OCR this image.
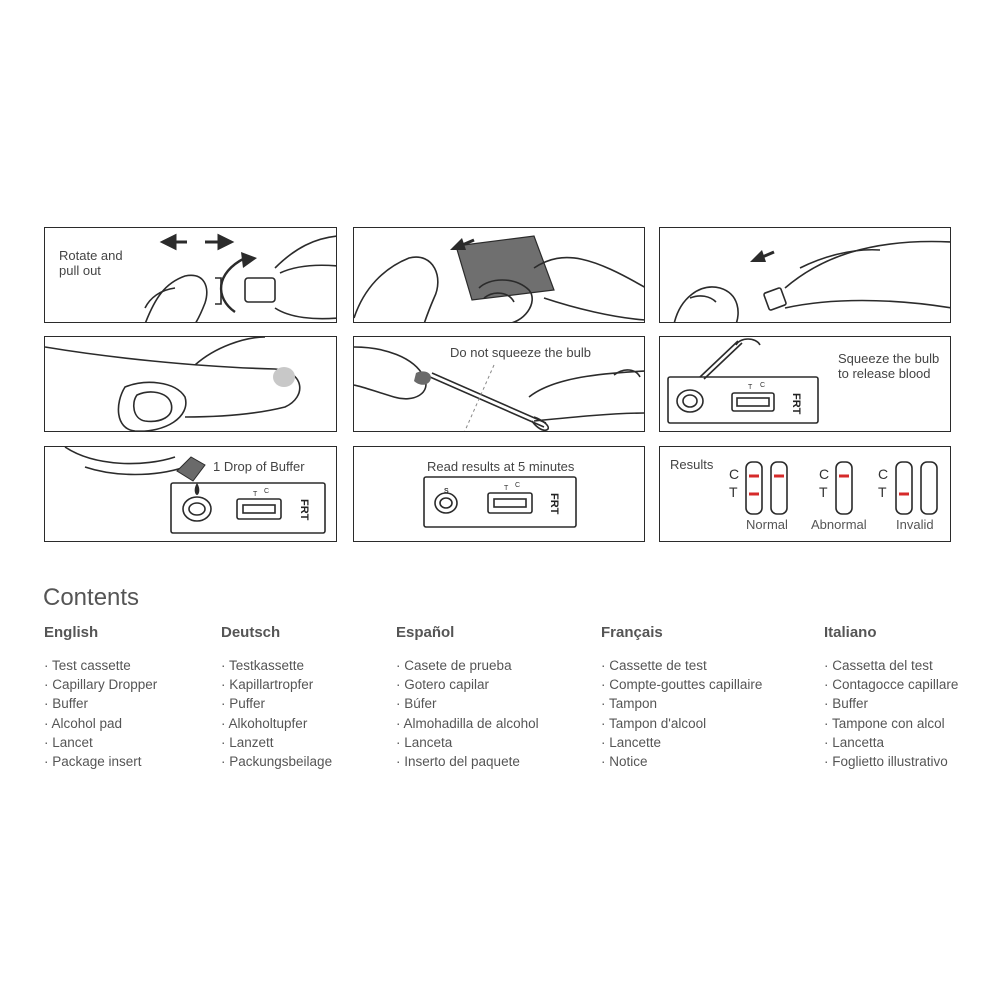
Rotate and
pull out
Do not squeeze the bulb
T C
FRT
Squeeze the bulb
to release blood
T C
FRT
1 Drop of Buffer
S	T C
FRT
Read results at 5 minutes	Results
C
T
C
T
C
T
Normal Abnormal Invalid
Contents
English
· Test cassette
· Capillary Dropper
· Buffer
· Alcohol pad
· Lancet
· Package insert
Deutsch
· Testkassette
· Kapillartropfer
· Puffer
· Alkoholtupfer
· Lanzett
· Packungsbeilage
Español
· Casete de prueba
· Gotero capilar
· Búfer
· Almohadilla de alcohol
· Lanceta
· Inserto del paquete
Français
· Cassette de test
· Compte-gouttes capillaire
· Tampon
· Tampon d'alcool
· Lancette
· Notice
Italiano
· Cassetta del test
· Contagocce capillare
· Buffer
· Tampone con alcol
· Lancetta
· Foglietto illustrativo
